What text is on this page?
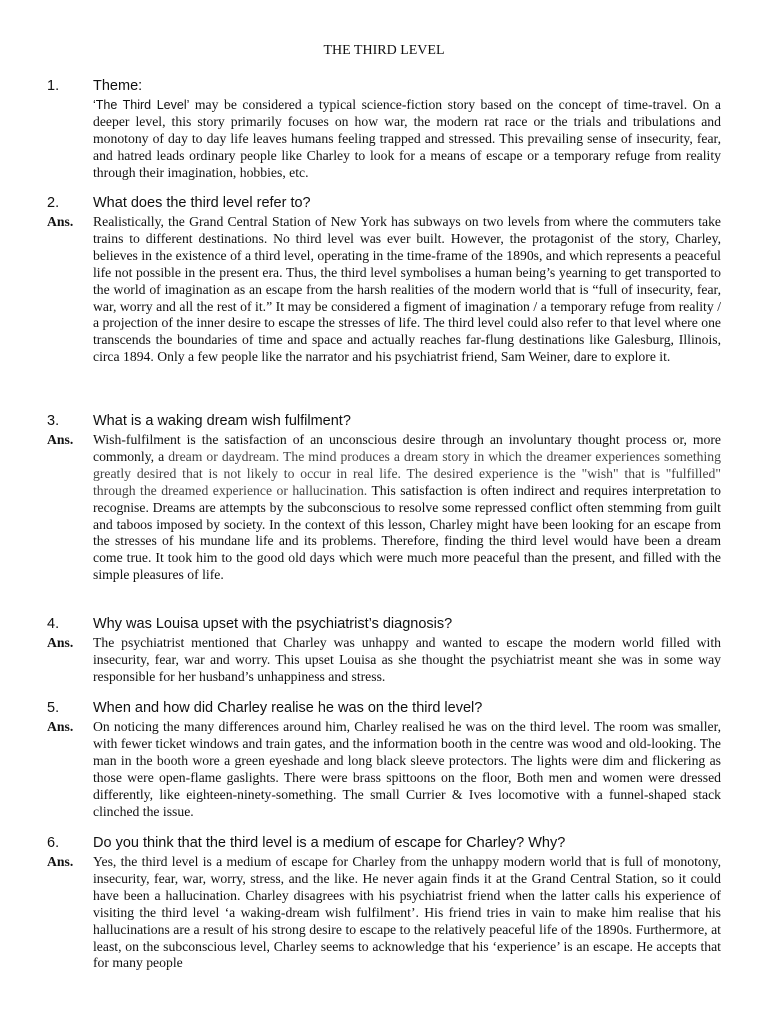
THE THIRD LEVEL
1. Theme:
‘The Third Level’ may be considered a typical science-fiction story based on the concept of time-travel. On a deeper level, this story primarily focuses on how war, the modern rat race or the trials and tribulations and monotony of day to day life leaves humans feeling trapped and stressed. This prevailing sense of insecurity, fear, and hatred leads ordinary people like Charley to look for a means of escape or a temporary refuge from reality through their imagination, hobbies, etc.
2. What does the third level refer to?
Ans. Realistically, the Grand Central Station of New York has subways on two levels from where the commuters take trains to different destinations. No third level was ever built. However, the protagonist of the story, Charley, believes in the existence of a third level, operating in the time-frame of the 1890s, and which represents a peaceful life not possible in the present era. Thus, the third level symbolises a human being’s yearning to get transported to the world of imagination as an escape from the harsh realities of the modern world that is “full of insecurity, fear, war, worry and all the rest of it.” It may be considered a figment of imagination / a temporary refuge from reality / a projection of the inner desire to escape the stresses of life. The third level could also refer to that level where one transcends the boundaries of time and space and actually reaches far-flung destinations like Galesburg, Illinois, circa 1894. Only a few people like the narrator and his psychiatrist friend, Sam Weiner, dare to explore it.
3. What is a waking dream wish fulfilment?
Ans. Wish-fulfilment is the satisfaction of an unconscious desire through an involuntary thought process or, more commonly, a dream or daydream. The mind produces a dream story in which the dreamer experiences something greatly desired that is not likely to occur in real life. The desired experience is the "wish" that is "fulfilled" through the dreamed experience or hallucination. This satisfaction is often indirect and requires interpretation to recognise. Dreams are attempts by the subconscious to resolve some repressed conflict often stemming from guilt and taboos imposed by society. In the context of this lesson, Charley might have been looking for an escape from the stresses of his mundane life and its problems. Therefore, finding the third level would have been a dream come true. It took him to the good old days which were much more peaceful than the present, and filled with the simple pleasures of life.
4. Why was Louisa upset with the psychiatrist’s diagnosis?
Ans. The psychiatrist mentioned that Charley was unhappy and wanted to escape the modern world filled with insecurity, fear, war and worry. This upset Louisa as she thought the psychiatrist meant she was in some way responsible for her husband’s unhappiness and stress.
5. When and how did Charley realise he was on the third level?
Ans. On noticing the many differences around him, Charley realised he was on the third level. The room was smaller, with fewer ticket windows and train gates, and the information booth in the centre was wood and old-looking. The man in the booth wore a green eyeshade and long black sleeve protectors. The lights were dim and flickering as those were open-flame gaslights. There were brass spittoons on the floor, Both men and women were dressed differently, like eighteen-ninety-something. The small Currier & Ives locomotive with a funnel-shaped stack clinched the issue.
6. Do you think that the third level is a medium of escape for Charley? Why?
Ans. Yes, the third level is a medium of escape for Charley from the unhappy modern world that is full of monotony, insecurity, fear, war, worry, stress, and the like. He never again finds it at the Grand Central Station, so it could have been a hallucination. Charley disagrees with his psychiatrist friend when the latter calls his experience of visiting the third level ‘a waking-dream wish fulfilment’. His friend tries in vain to make him realise that his hallucinations are a result of his strong desire to escape to the relatively peaceful life of the 1890s. Furthermore, at least, on the subconscious level, Charley seems to acknowledge that his ‘experience’ is an escape. He accepts that for many people
